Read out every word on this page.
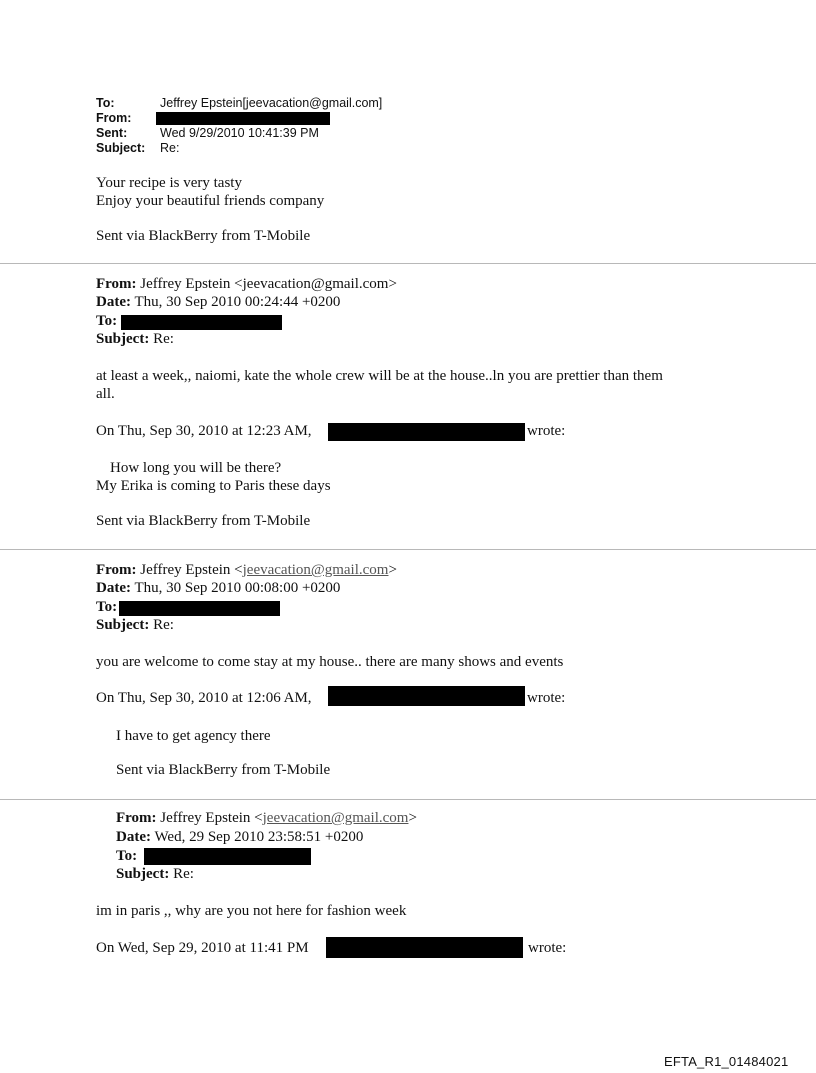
To:	Jeffrey Epstein[jeevacation@gmail.com]
From:
Sent:	Wed 9/29/2010 10:41:39 PM
Subject: Re:
Your recipe is very tasty
Enjoy your beautiful friends company
Sent via BlackBerry from T-Mobile
From: Jeffrey Epstein <jeevacation@gmail.com>
Date: Thu, 30 Sep 2010 00:24:44 +0200
To:
Subject: Re:
at least a week,, naiomi, kate the whole crew will be at the house..ln you are prettier than them
all.
On Thu, Sep 30, 2010 at 12:23 AM,	wrote:
How long you will be there?
My Erika is coming to Paris these days
Sent via BlackBerry from T-Mobile
From: Jeffrey Epstein <jeevacation@gmail.com>
Date: Thu, 30 Sep 2010 00:08:00 +0200
To:
Subject: Re:
you are welcome to come stay at my house.. there are many shows and events
On Thu, Sep 30, 2010 at 12:06 AM,	wrote:
I have to get agency there
Sent via BlackBerry from T-Mobile
From: Jeffrey Epstein <jeevacation@gmail.com>
Date: Wed, 29 Sep 2010 23:58:51 +0200
To:
Subject: Re:
im in paris ,, why are you not here for fashion week
On Wed, Sep 29, 2010 at 11:41 PM	wrote:
EFTA_R1_01484021
